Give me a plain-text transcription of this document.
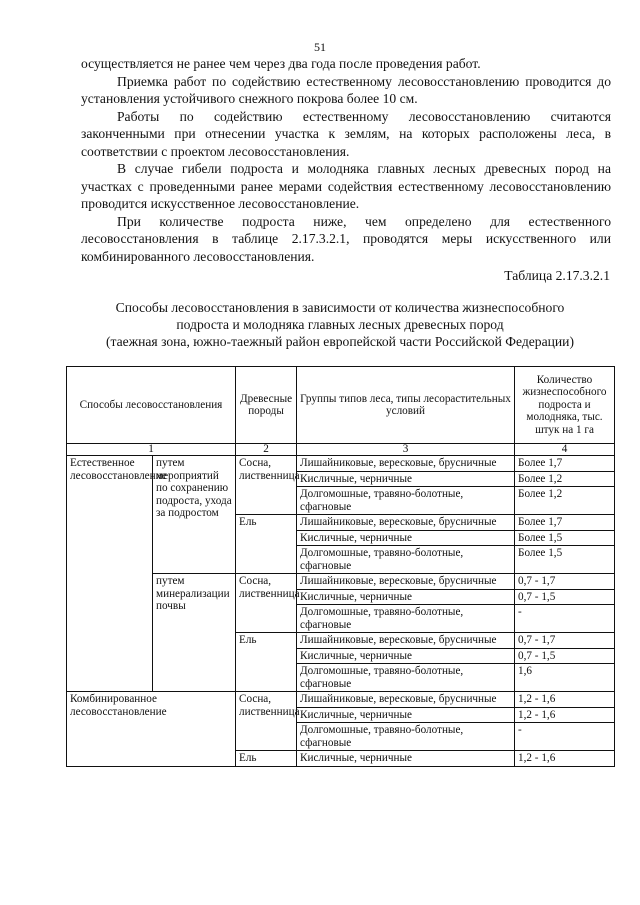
51

осуществляется не ранее чем через два года после проведения работ.

Приемка работ по содействию естественному лесовосстановлению проводится до установления устойчивого снежного покрова более 10 см.

Работы по содействию естественному лесовосстановлению считаются законченными при отнесении участка к землям, на которых расположены леса, в соответствии с проектом лесовосстановления.

В случае гибели подроста и молодняка главных лесных древесных пород на участках с проведенными ранее мерами содействия естественному лесовосстановлению проводится искусственное лесовосстановление.

При количестве подроста ниже, чем определено для естественного лесовосстановления в таблице 2.17.3.2.1, проводятся меры искусственного или комбинированного лесовосстановления.

Таблица 2.17.3.2.1
Способы лесовосстановления в зависимости от количества жизнеспособного
подроста и молодняка главных лесных древесных пород
(таежная зона, южно-таежный район европейской части Российской Федерации)
Способы лесовосстановления		Древесные породы	Группы типов леса, типы лесорастительных условий	Количество жизнеспособного подроста и молодняка, тыс. штук на 1 га
1		2	3	4
Естественное лесовосстановление	путем мероприятий по сохранению подроста, ухода за подростом	Сосна, лиственница	Лишайниковые, вересковые, брусничные	Более 1,7
			Кисличные, черничные	Более 1,2
			Долгомошные, травяно-болотные, сфагновые	Более 1,2
		Ель	Лишайниковые, вересковые, брусничные	Более 1,7
			Кисличные, черничные	Более 1,5
			Долгомошные, травяно-болотные, сфагновые	Более 1,5
	путем минерализации почвы	Сосна, лиственница	Лишайниковые, вересковые, брусничные	0,7 - 1,7
			Кисличные, черничные	0,7 - 1,5
			Долгомошные, травяно-болотные, сфагновые	-
		Ель	Лишайниковые, вересковые, брусничные	0,7 - 1,7
			Кисличные, черничные	0,7 - 1,5
			Долгомошные, травяно-болотные, сфагновые	1,6
Комбинированное лесовосстановление		Сосна, лиственница	Лишайниковые, вересковые, брусничные	1,2 - 1,6
			Кисличные, черничные	1,2 - 1,6
			Долгомошные, травяно-болотные, сфагновые	-
		Ель	Кисличные, черничные	1,2 - 1,6
